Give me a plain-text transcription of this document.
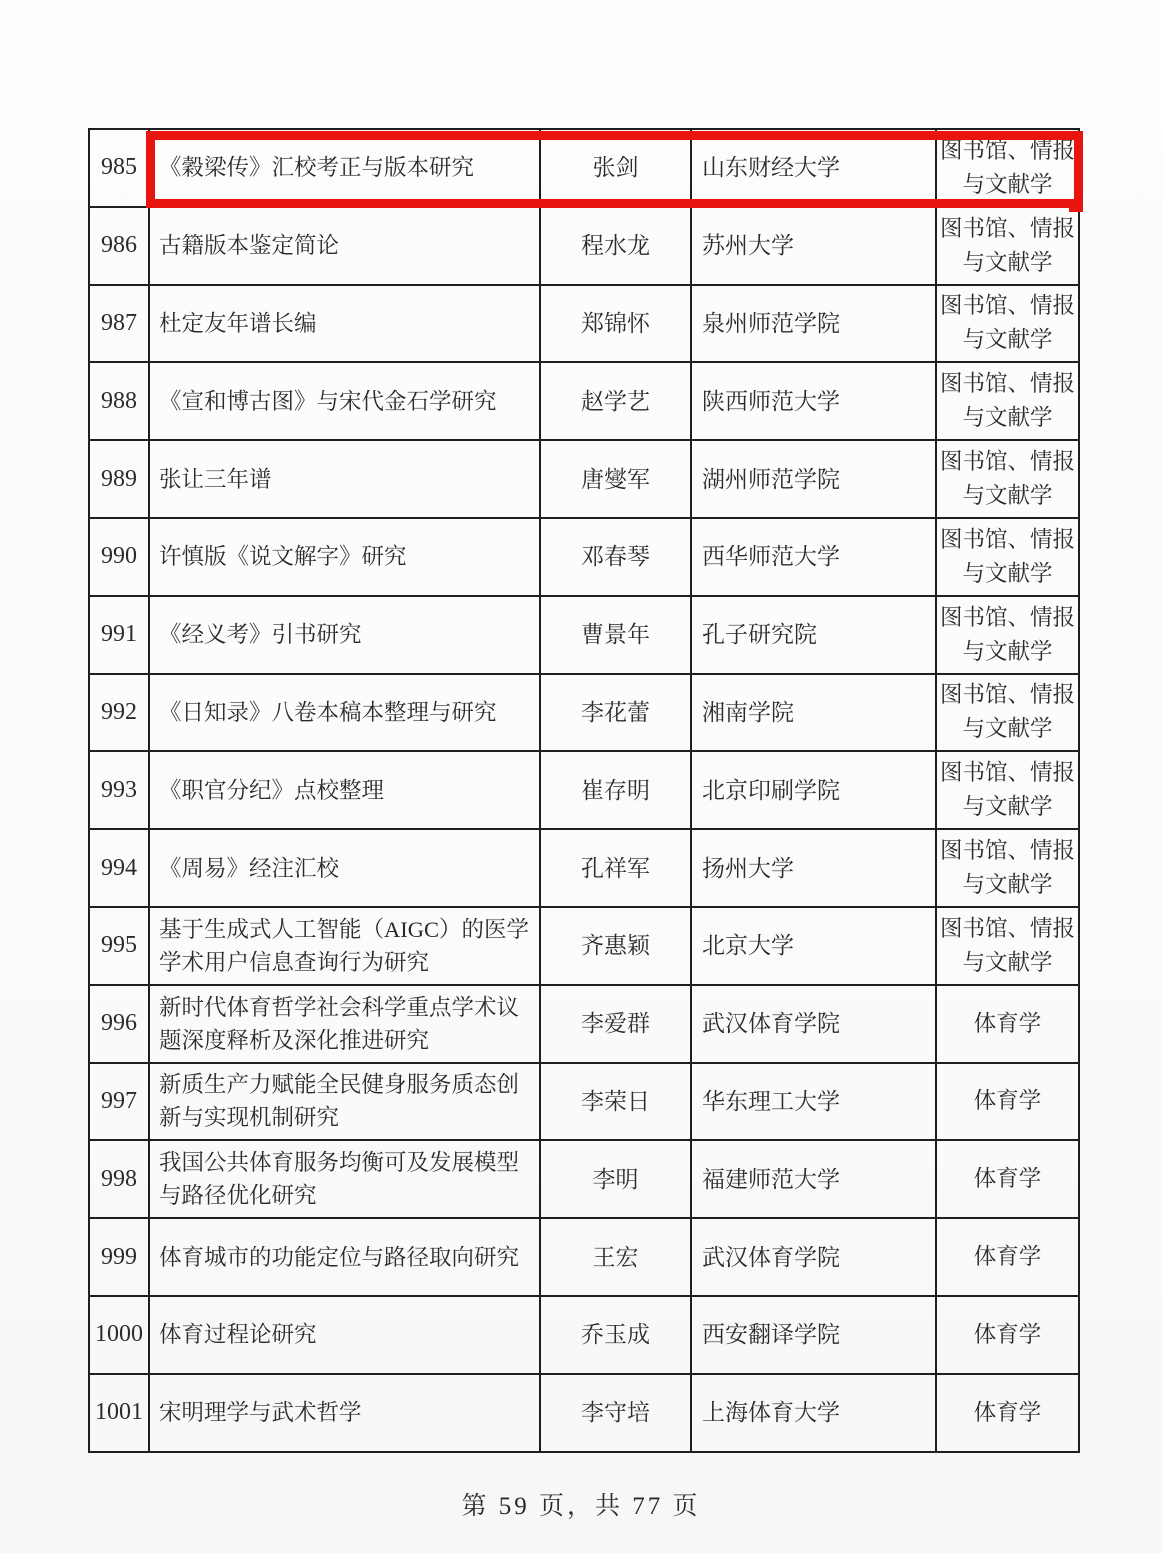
985	《穀梁传》汇校考正与版本研究	张剑	山东财经大学	图书馆、情报与文献学
986	古籍版本鉴定简论	程水龙	苏州大学	图书馆、情报与文献学
987	杜定友年谱长编	郑锦怀	泉州师范学院	图书馆、情报与文献学
988	《宣和博古图》与宋代金石学研究	赵学艺	陕西师范大学	图书馆、情报与文献学
989	张让三年谱	唐燮军	湖州师范学院	图书馆、情报与文献学
990	许慎版《说文解字》研究	邓春琴	西华师范大学	图书馆、情报与文献学
991	《经义考》引书研究	曹景年	孔子研究院	图书馆、情报与文献学
992	《日知录》八卷本稿本整理与研究	李花蕾	湘南学院	图书馆、情报与文献学
993	《职官分纪》点校整理	崔存明	北京印刷学院	图书馆、情报与文献学
994	《周易》经注汇校	孔祥军	扬州大学	图书馆、情报与文献学
995	基于生成式人工智能（AIGC）的医学学术用户信息查询行为研究	齐惠颖	北京大学	图书馆、情报与文献学
996	新时代体育哲学社会科学重点学术议题深度释析及深化推进研究	李爱群	武汉体育学院	体育学
997	新质生产力赋能全民健身服务质态创新与实现机制研究	李荣日	华东理工大学	体育学
998	我国公共体育服务均衡可及发展模型与路径优化研究	李明	福建师范大学	体育学
999	体育城市的功能定位与路径取向研究	王宏	武汉体育学院	体育学
1000	体育过程论研究	乔玉成	西安翻译学院	体育学
1001	宋明理学与武术哲学	李守培	上海体育大学	体育学
第 59 页，共 77 页
